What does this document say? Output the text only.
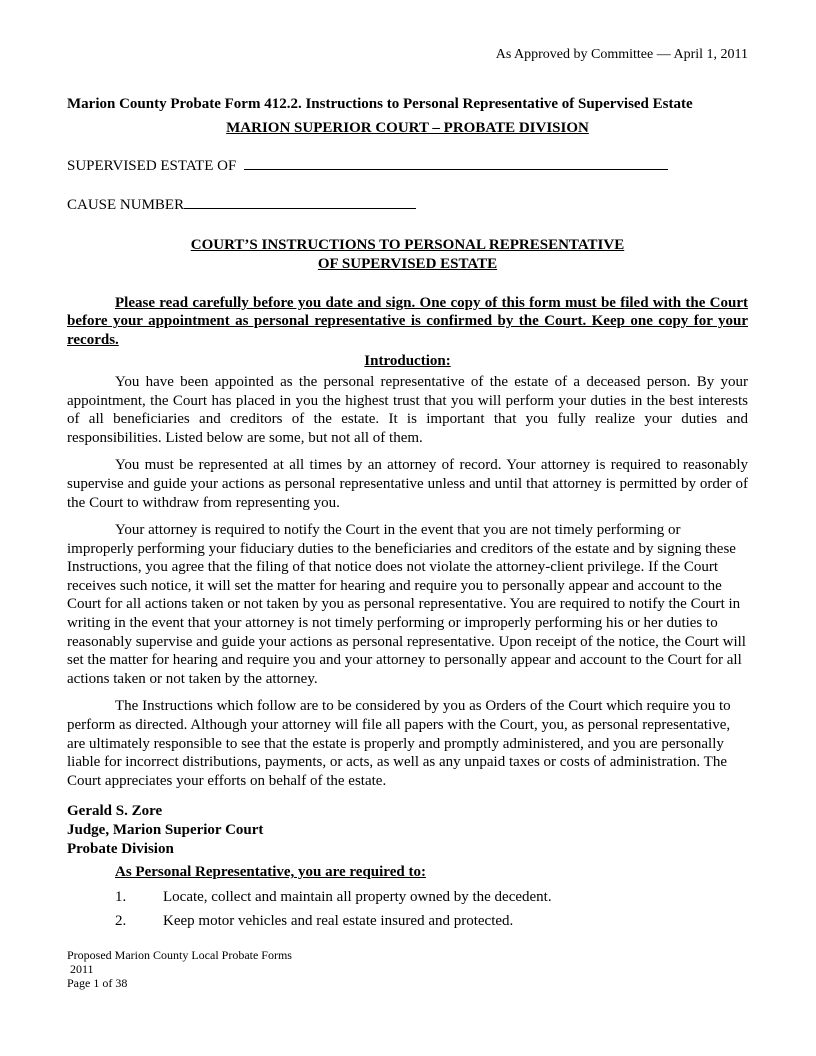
As Approved by Committee — April 1, 2011
Marion County Probate Form 412.2. Instructions to Personal Representative of Supervised Estate
MARION SUPERIOR COURT – PROBATE DIVISION
SUPERVISED ESTATE OF
CAUSE NUMBER
COURT’S INSTRUCTIONS TO PERSONAL REPRESENTATIVE
OF SUPERVISED ESTATE
Please read carefully before you date and sign. One copy of this form must be filed with the Court before your appointment as personal representative is confirmed by the Court. Keep one copy for your records.
Introduction:

You have been appointed as the personal representative of the estate of a deceased person. By your appointment, the Court has placed in you the highest trust that you will perform your duties in the best interests of all beneficiaries and creditors of the estate. It is important that you fully realize your duties and responsibilities. Listed below are some, but not all of them.

You must be represented at all times by an attorney of record. Your attorney is required to reasonably supervise and guide your actions as personal representative unless and until that attorney is permitted by order of the Court to withdraw from representing you.

Your attorney is required to notify the Court in the event that you are not timely performing or improperly performing your fiduciary duties to the beneficiaries and creditors of the estate and by signing these Instructions, you agree that the filing of that notice does not violate the attorney-client privilege. If the Court receives such notice, it will set the matter for hearing and require you to personally appear and account to the Court for all actions taken or not taken by you as personal representative. You are required to notify the Court in writing in the event that your attorney is not timely performing or improperly performing his or her duties to reasonably supervise and guide your actions as personal representative. Upon receipt of the notice, the Court will set the matter for hearing and require you and your attorney to personally appear and account to the Court for all actions taken or not taken by the attorney.

The Instructions which follow are to be considered by you as Orders of the Court which require you to perform as directed. Although your attorney will file all papers with the Court, you, as personal representative, are ultimately responsible to see that the estate is properly and promptly administered, and you are personally liable for incorrect distributions, payments, or acts, as well as any unpaid taxes or costs of administration. The Court appreciates your efforts on behalf of the estate.

Gerald S. Zore
Judge, Marion Superior Court
Probate Division
As Personal Representative, you are required to:
1.	Locate, collect and maintain all property owned by the decedent.
2.	Keep motor vehicles and real estate insured and protected.
Proposed Marion County Local Probate Forms
2011
Page 1 of 38
